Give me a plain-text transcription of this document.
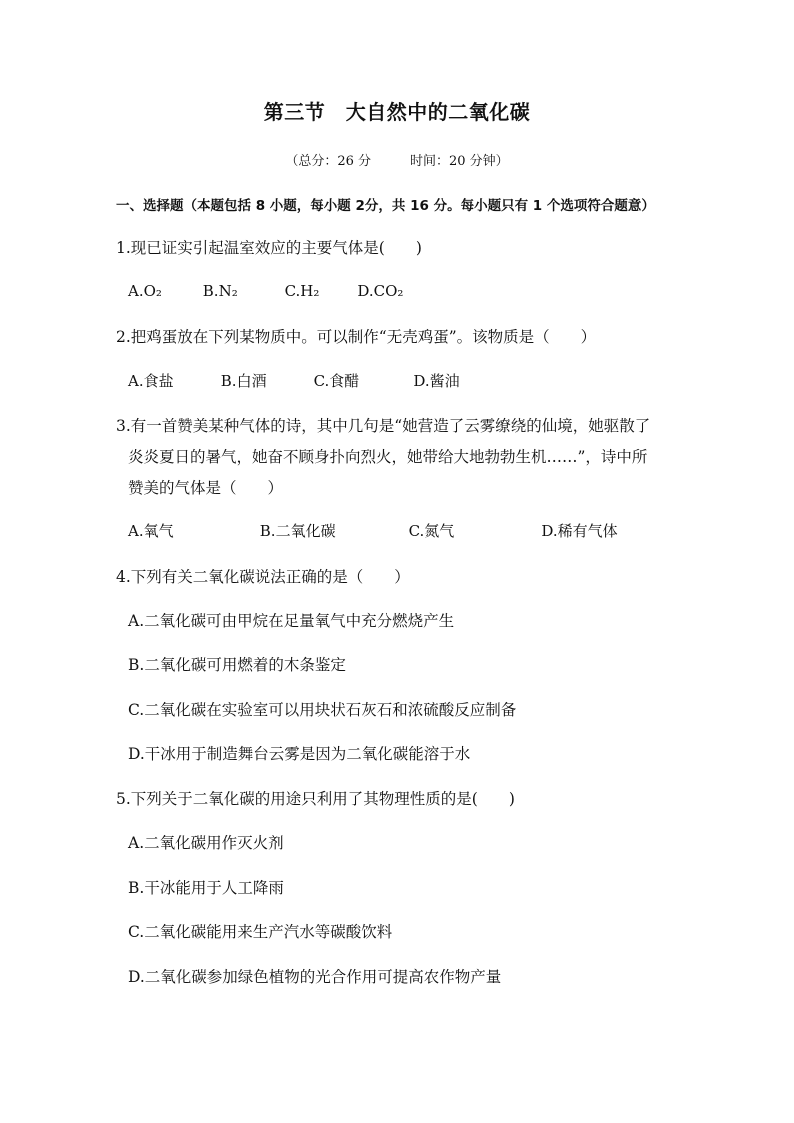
第三节　大自然中的二氧化碳
（总分：26 分　　　时间：20 分钟）
一、选择题（本题包括 8 小题，每小题 2分，共 16 分。每小题只有 1 个选项符合题意）
1.现已证实引起温室效应的主要气体是(　　)
A.O₂	B.N₂	C.H₂	D.CO₂
2.把鸡蛋放在下列某物质中。可以制作“无壳鸡蛋”。该物质是（　　）
A.食盐	B.白酒	C.食醋	D.酱油
3.有一首赞美某种气体的诗，其中几句是“她营造了云雾缭绕的仙境，她驱散了
炎炎夏日的暑气，她奋不顾身扑向烈火，她带给大地勃勃生机……”，诗中所
赞美的气体是（　　）
A.氧气	B.二氧化碳	C.氮气	D.稀有气体
4.下列有关二氧化碳说法正确的是（　　）
A.二氧化碳可由甲烷在足量氧气中充分燃烧产生
B.二氧化碳可用燃着的木条鉴定
C.二氧化碳在实验室可以用块状石灰石和浓硫酸反应制备
D.干冰用于制造舞台云雾是因为二氧化碳能溶于水
5.下列关于二氧化碳的用途只利用了其物理性质的是(　　)
A.二氧化碳用作灭火剂
B.干冰能用于人工降雨
C.二氧化碳能用来生产汽水等碳酸饮料
D.二氧化碳参加绿色植物的光合作用可提高农作物产量
